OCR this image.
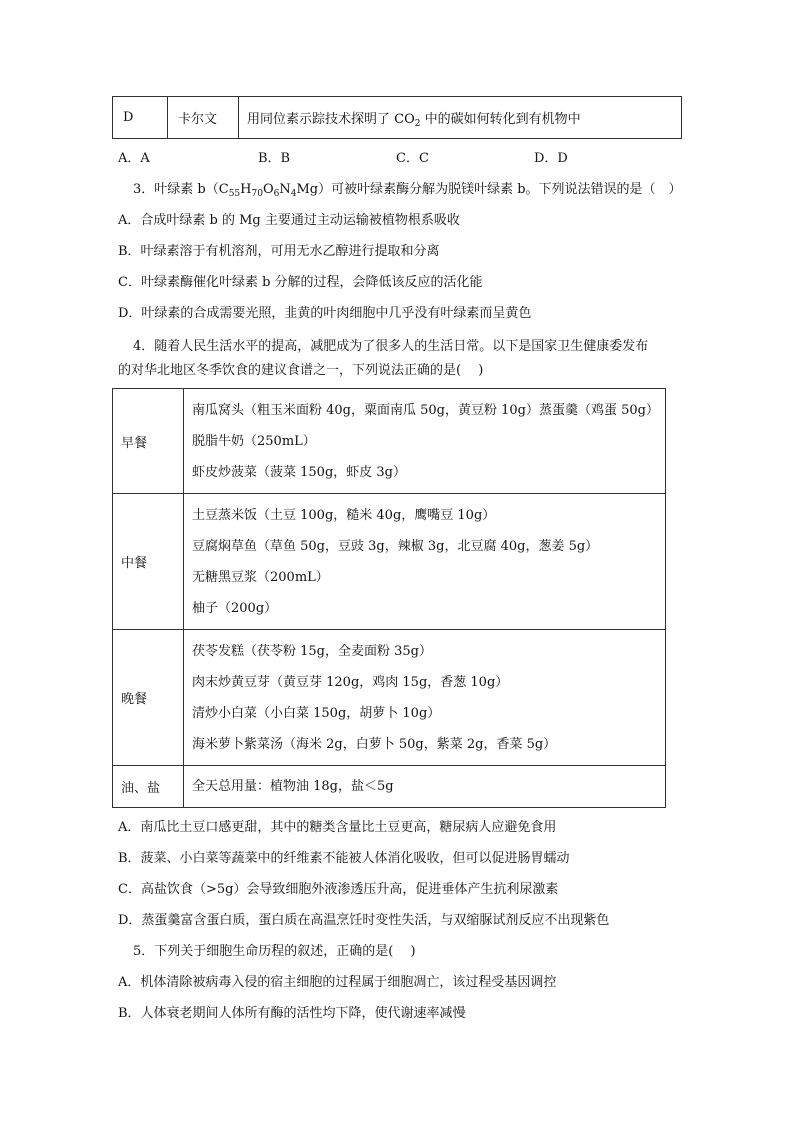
D	卡尔文	用同位素示踪技术探明了 $CO_2$ 中的碳如何转化到有机物中
A．A	B．B	C．C	D．D
3．叶绿素 $b(C_{55}H_{70}O_6N_4Mg)$可被叶绿素酶分解为脱镁叶绿素 b。下列说法错误的是（　）
A．合成叶绿素 b 的 Mg 主要通过主动运输被植物根系吸收
B．叶绿素溶于有机溶剂，可用无水乙醇进行提取和分离
C．叶绿素酶催化叶绿素 b 分解的过程，会降低该反应的活化能
D．叶绿素的合成需要光照，韭黄的叶肉细胞中几乎没有叶绿素而呈黄色
4．随着人民生活水平的提高，减肥成为了很多人的生活日常。以下是国家卫生健康委发布
的对华北地区冬季饮食的建议食谱之一，下列说法正确的是(　 )
早餐	南瓜窝头（粗玉米面粉 40g，粟面南瓜 50g，黄豆粉 10g）蒸蛋羹（鸡蛋 50g）
脱脂牛奶（250mL）
虾皮炒菠菜（菠菜 150g，虾皮 3g）

中餐	土豆蒸米饭（土豆 100g，糙米 40g，鹰嘴豆 10g）
豆腐焖草鱼（草鱼 50g，豆豉 3g，辣椒 3g，北豆腐 40g，葱姜 5g）
无糖黑豆浆（200mL）
柚子（200g）

晚餐	茯苓发糕（茯苓粉 15g，全麦面粉 35g）
肉末炒黄豆芽（黄豆芽 120g，鸡肉 15g，香葱 10g）
清炒小白菜（小白菜 150g，胡萝卜 10g）
海米萝卜紫菜汤（海米 2g，白萝卜 50g，紫菜 2g，香菜 5g）

油、盐	全天总用量：植物油 18g，盐＜5g
A．南瓜比土豆口感更甜，其中的糖类含量比土豆更高，糖尿病人应避免食用
B．菠菜、小白菜等蔬菜中的纤维素不能被人体消化吸收，但可以促进肠胃蠕动
C．高盐饮食（>5g）会导致细胞外液渗透压升高，促进垂体产生抗利尿激素
D．蒸蛋羹富含蛋白质，蛋白质在高温烹饪时变性失活，与双缩脲试剂反应不出现紫色
5．下列关于细胞生命历程的叙述，正确的是(　 )
A．机体清除被病毒入侵的宿主细胞的过程属于细胞凋亡，该过程受基因调控
B．人体衰老期间人体所有酶的活性均下降，使代谢速率减慢
